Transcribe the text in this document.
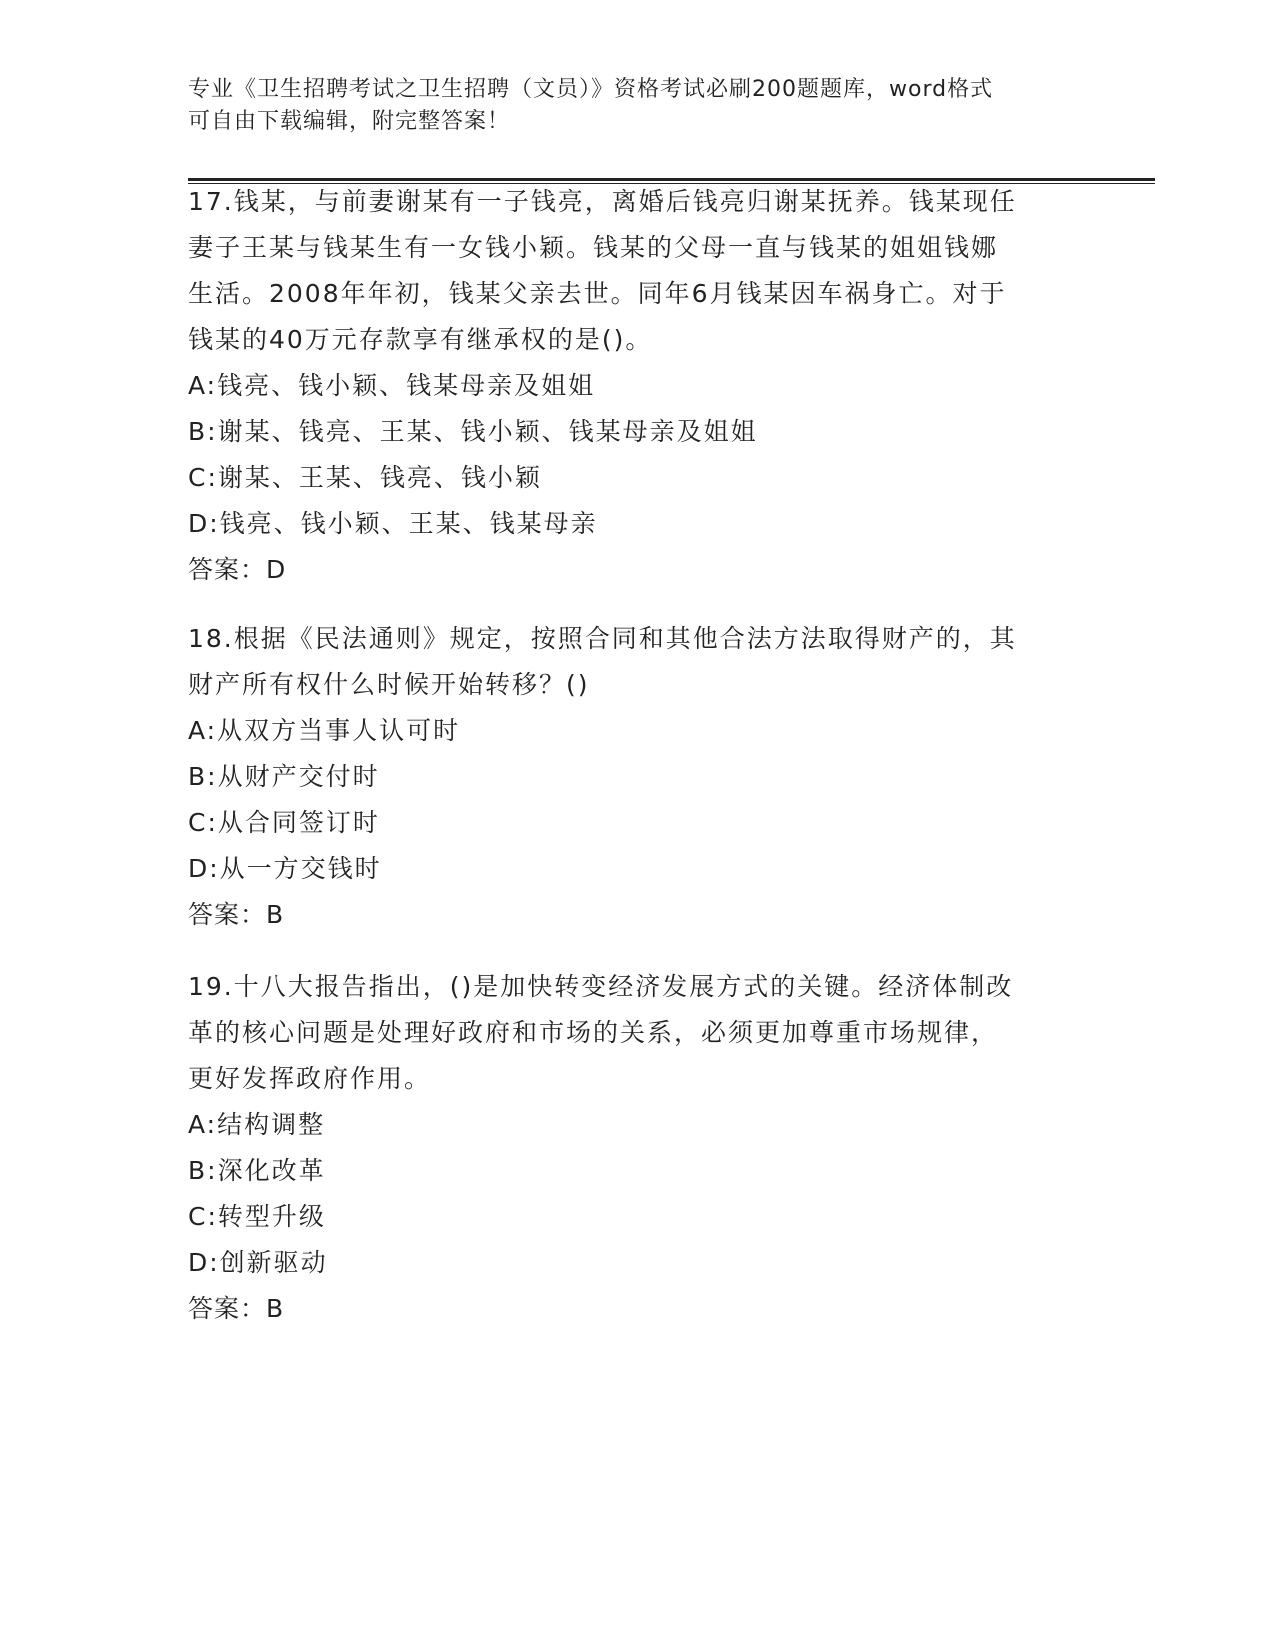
专业《卫生招聘考试之卫生招聘（文员）》资格考试必刷200题题库，word格式
可自由下载编辑，附完整答案！
17.钱某，与前妻谢某有一子钱亮，离婚后钱亮归谢某抚养。钱某现任
妻子王某与钱某生有一女钱小颖。钱某的父母一直与钱某的姐姐钱娜
生活。2008年年初，钱某父亲去世。同年6月钱某因车祸身亡。对于
钱某的40万元存款享有继承权的是()。
A:钱亮、钱小颖、钱某母亲及姐姐
B:谢某、钱亮、王某、钱小颖、钱某母亲及姐姐
C:谢某、王某、钱亮、钱小颖
D:钱亮、钱小颖、王某、钱某母亲
答案：D
18.根据《民法通则》规定，按照合同和其他合法方法取得财产的，其
财产所有权什么时候开始转移？()
A:从双方当事人认可时
B:从财产交付时
C:从合同签订时
D:从一方交钱时
答案：B
19.十八大报告指出，()是加快转变经济发展方式的关键。经济体制改
革的核心问题是处理好政府和市场的关系，必须更加尊重市场规律，
更好发挥政府作用。
A:结构调整
B:深化改革
C:转型升级
D:创新驱动
答案：B
